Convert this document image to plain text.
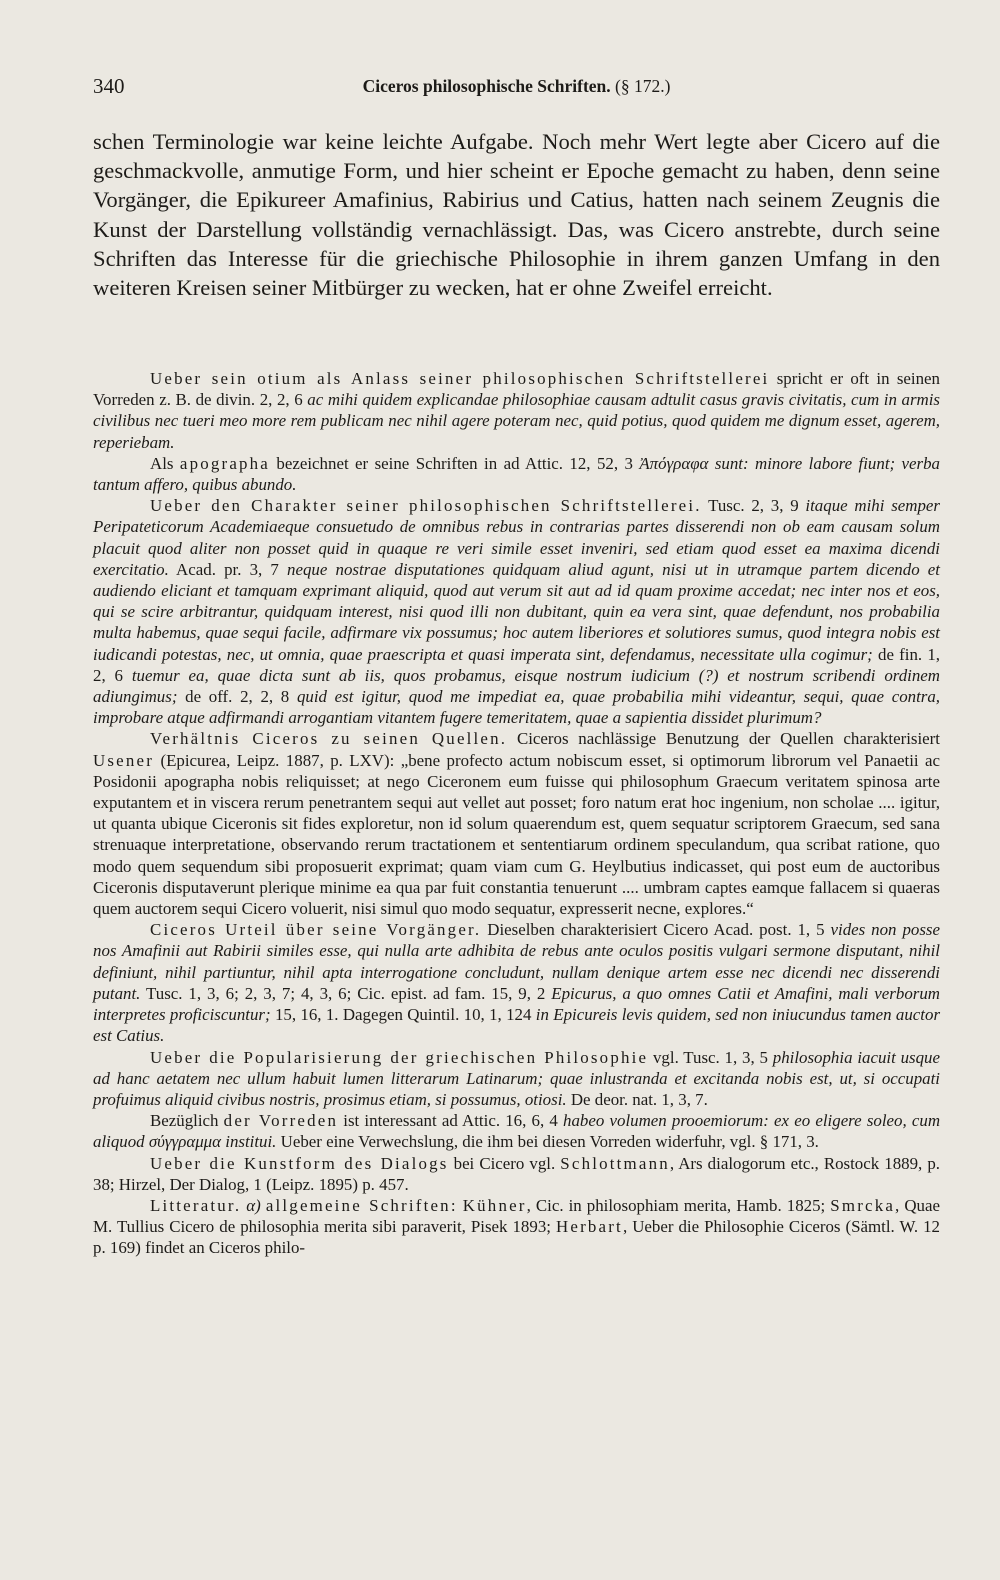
340	Ciceros philosophische Schriften. (§ 172.)

schen Terminologie war keine leichte Aufgabe. Noch mehr Wert legte aber Cicero auf die geschmackvolle, anmutige Form, und hier scheint er Epoche gemacht zu haben, denn seine Vorgänger, die Epikureer Amafinius, Rabirius und Catius, hatten nach seinem Zeugnis die Kunst der Darstellung vollständig vernachlässigt. Das, was Cicero anstrebte, durch seine Schriften das Interesse für die griechische Philosophie in ihrem ganzen Umfang in den weiteren Kreisen seiner Mitbürger zu wecken, hat er ohne Zweifel erreicht.

Ueber sein otium als Anlass seiner philosophischen Schriftstellerei spricht er oft in seinen Vorreden z. B. de divin. 2, 2, 6 ac mihi quidem explicandae philosophiae causam adtulit casus gravis civitatis, cum in armis civilibus nec tueri meo more rem publicam nec nihil agere poteram nec, quid potius, quod quidem me dignum esset, agerem, reperiebam.

Als apographa bezeichnet er seine Schriften in ad Attic. 12, 52, 3 Ἀπόγραφα sunt: minore labore fiunt; verba tantum affero, quibus abundo.

Ueber den Charakter seiner philosophischen Schriftstellerei. Tusc. 2, 3, 9 itaque mihi semper Peripateticorum Academiaeque consuetudo de omnibus rebus in contrarias partes disserendi non ob eam causam solum placuit quod aliter non posset quid in quaque re veri simile esset inveniri, sed etiam quod esset ea maxima dicendi exercitatio. Acad. pr. 3, 7 neque nostrae disputationes quidquam aliud agunt, nisi ut in utramque partem dicendo et audiendo eliciant et tamquam exprimant aliquid, quod aut verum sit aut ad id quam proxime accedat; nec inter nos et eos, qui se scire arbitrantur, quidquam interest, nisi quod illi non dubitant, quin ea vera sint, quae defendunt, nos probabilia multa habemus, quae sequi facile, adfirmare vix possumus; hoc autem liberiores et solutiores sumus, quod integra nobis est iudicandi potestas, nec, ut omnia, quae praescripta et quasi imperata sint, defendamus, necessitate ulla cogimur; de fin. 1, 2, 6 tuemur ea, quae dicta sunt ab iis, quos probamus, eisque nostrum iudicium (?) et nostrum scribendi ordinem adiungimus; de off. 2, 2, 8 quid est igitur, quod me impediat ea, quae probabilia mihi videantur, sequi, quae contra, improbare atque adfirmandi arrogantiam vitantem fugere temeritatem, quae a sapientia dissidet plurimum?

Verhältnis Ciceros zu seinen Quellen. Ciceros nachlässige Benutzung der Quellen charakterisiert Usener (Epicurea, Leipz. 1887, p. LXV): „bene profecto actum nobiscum esset, si optimorum librorum vel Panaetii ac Posidonii apographa nobis reliquisset; at nego Ciceronem eum fuisse qui philosophum Graecum veritatem spinosa arte exputantem et in viscera rerum penetrantem sequi aut vellet aut posset; foro natum erat hoc ingenium, non scholae .... igitur, ut quanta ubique Ciceronis sit fides exploretur, non id solum quaerendum est, quem sequatur scriptorem Graecum, sed sana strenuaque interpretatione, observando rerum tractationem et sententiarum ordinem speculandum, qua scribat ratione, quo modo quem sequendum sibi proposuerit exprimat; quam viam cum G. Heylbutius indicasset, qui post eum de auctoribus Ciceronis disputaverunt plerique minime ea qua par fuit constantia tenuerunt .... umbram captes eamque fallacem si quaeras quem auctorem sequi Cicero voluerit, nisi simul quo modo sequatur, expresserit necne, explores.“

Ciceros Urteil über seine Vorgänger. Dieselben charakterisiert Cicero Acad. post. 1, 5 vides non posse nos Amafinii aut Rabirii similes esse, qui nulla arte adhibita de rebus ante oculos positis vulgari sermone disputant, nihil definiunt, nihil partiuntur, nihil apta interrogatione concludunt, nullam denique artem esse nec dicendi nec disserendi putant. Tusc. 1, 3, 6; 2, 3, 7; 4, 3, 6; Cic. epist. ad fam. 15, 9, 2 Epicurus, a quo omnes Catii et Amafini, mali verborum interpretes proficiscuntur; 15, 16, 1. Dagegen Quintil. 10, 1, 124 in Epicureis levis quidem, sed non iniucundus tamen auctor est Catius.

Ueber die Popularisierung der griechischen Philosophie vgl. Tusc. 1, 3, 5 philosophia iacuit usque ad hanc aetatem nec ullum habuit lumen litterarum Latinarum; quae inlustranda et excitanda nobis est, ut, si occupati profuimus aliquid civibus nostris, prosimus etiam, si possumus, otiosi. De deor. nat. 1, 3, 7.

Bezüglich der Vorreden ist interessant ad Attic. 16, 6, 4 habeo volumen prooemiorum: ex eo eligere soleo, cum aliquod σύγγραμμα institui. Ueber eine Verwechslung, die ihm bei diesen Vorreden widerfuhr, vgl. § 171, 3.

Ueber die Kunstform des Dialogs bei Cicero vgl. Schlottmann, Ars dialogorum etc., Rostock 1889, p. 38; Hirzel, Der Dialog, 1 (Leipz. 1895) p. 457.

Litteratur. α) allgemeine Schriften: Kühner, Cic. in philosophiam merita, Hamb. 1825; Smrcka, Quae M. Tullius Cicero de philosophia merita sibi paraverit, Pisek 1893; Herbart, Ueber die Philosophie Ciceros (Sämtl. W. 12 p. 169) findet an Ciceros philo-
